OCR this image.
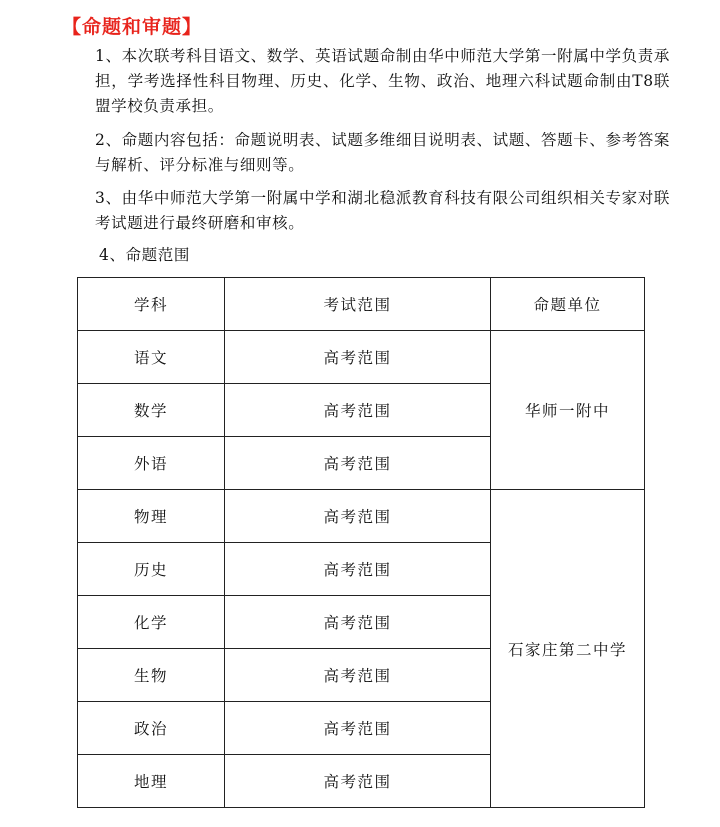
【命题和审题】
1、本次联考科目语文、数学、英语试题命制由华中师范大学第一附属中学负责承担，学考选择性科目物理、历史、化学、生物、政治、地理六科试题命制由T8联盟学校负责承担。
2、命题内容包括：命题说明表、试题多维细目说明表、试题、答题卡、参考答案与解析、评分标准与细则等。
3、由华中师范大学第一附属中学和湖北稳派教育科技有限公司组织相关专家对联考试题进行最终研磨和审核。
4、命题范围
学科	考试范围	命题单位
语文	高考范围	华师一附中
数学	高考范围	
外语	高考范围	
物理	高考范围	石家庄第二中学
历史	高考范围	
化学	高考范围	
生物	高考范围	
政治	高考范围	
地理	高考范围	
